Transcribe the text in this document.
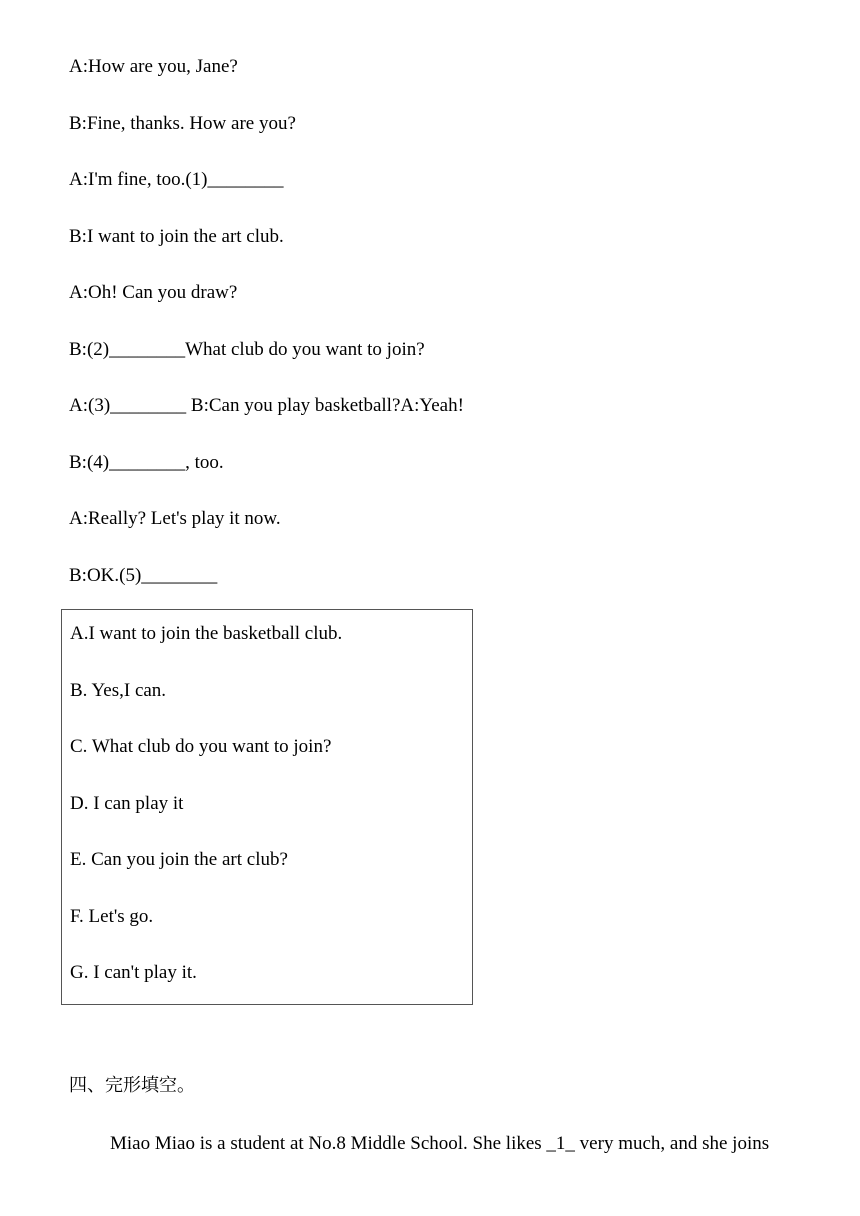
A:How are you, Jane?
B:Fine, thanks. How are you?
A:I'm fine, too.(1)________
B:I want to join the art club.
A:Oh! Can you draw?
B:(2)________What club do you want to join?
A:(3)________ B:Can you play basketball?A:Yeah!
B:(4)________, too.
A:Really? Let's play it now.
B:OK.(5)________
A.I want to join the basketball club.
B. Yes,I can.
C. What club do you want to join?
D. I can play it
E. Can you join the art club?
F. Let's go.
G. I can't play it.
四、完形填空。
Miao Miao is a student at No.8 Middle School. She likes _1_ very much, and she joins
